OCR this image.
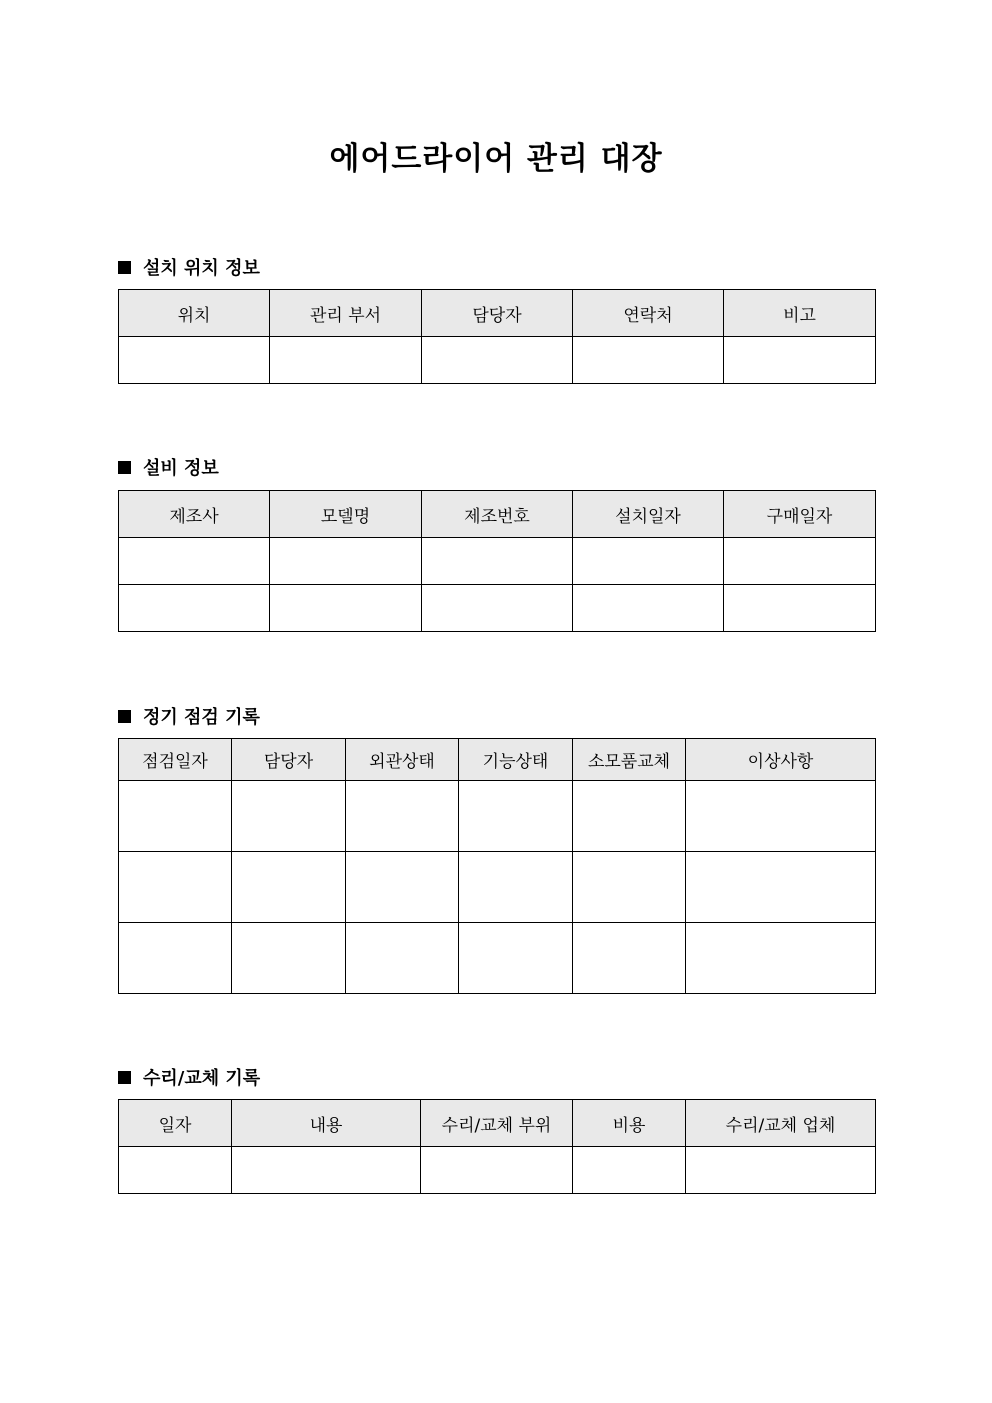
에어드라이어 관리 대장
설치 위치 정보
위치	관리 부서	담당자	연락처	비고

설비 정보
제조사	모델명	제조번호	설치일자	구매일자

정기 점검 기록
점검일자	담당자	외관상태	기능상태	소모품교체	이상사항

수리/교체 기록
일자	내용	수리/교체 부위	비용	수리/교체 업체
